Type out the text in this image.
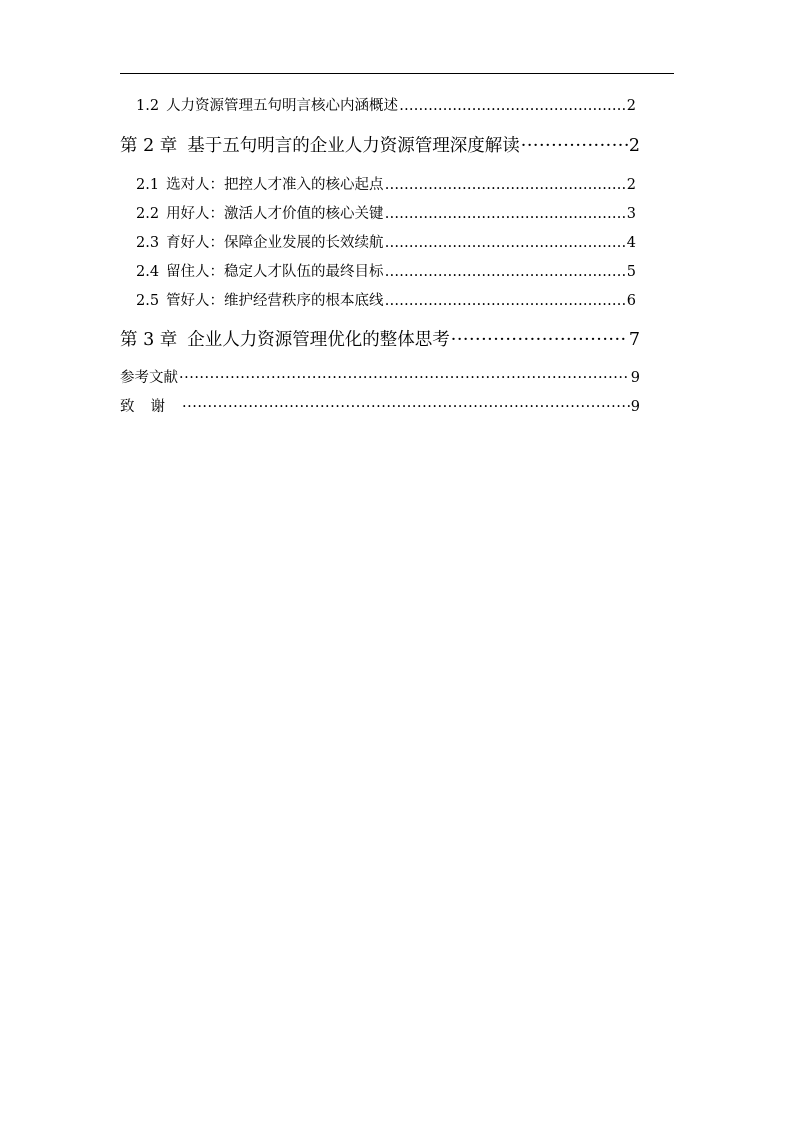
1.2 人力资源管理五句明言核心内涵概述 ……………………………………………………………………………………………………………………………………	2
第 2 章 基于五句明言的企业人力资源管理深度解读 ·····	2
2.1 选对人：把控人才准入的核心起点 ……………………………………………………………………………………………………………………………………	2
2.2 用好人：激活人才价值的核心关键 ……………………………………………………………………………………………………………………………………	3
2.3 育好人：保障企业发展的长效续航 ……………………………………………………………………………………………………………………………………	4
2.4 留住人：稳定人才队伍的最终目标 ……………………………………………………………………………………………………………………………………	5
2.5 管好人：维护经营秩序的根本底线 ……………………………………………………………………………………………………………………………………	6
第 3 章 企业人力资源管理优化的整体思考 ·····	7
参考文献 ·····	9
致谢 ·····	9
